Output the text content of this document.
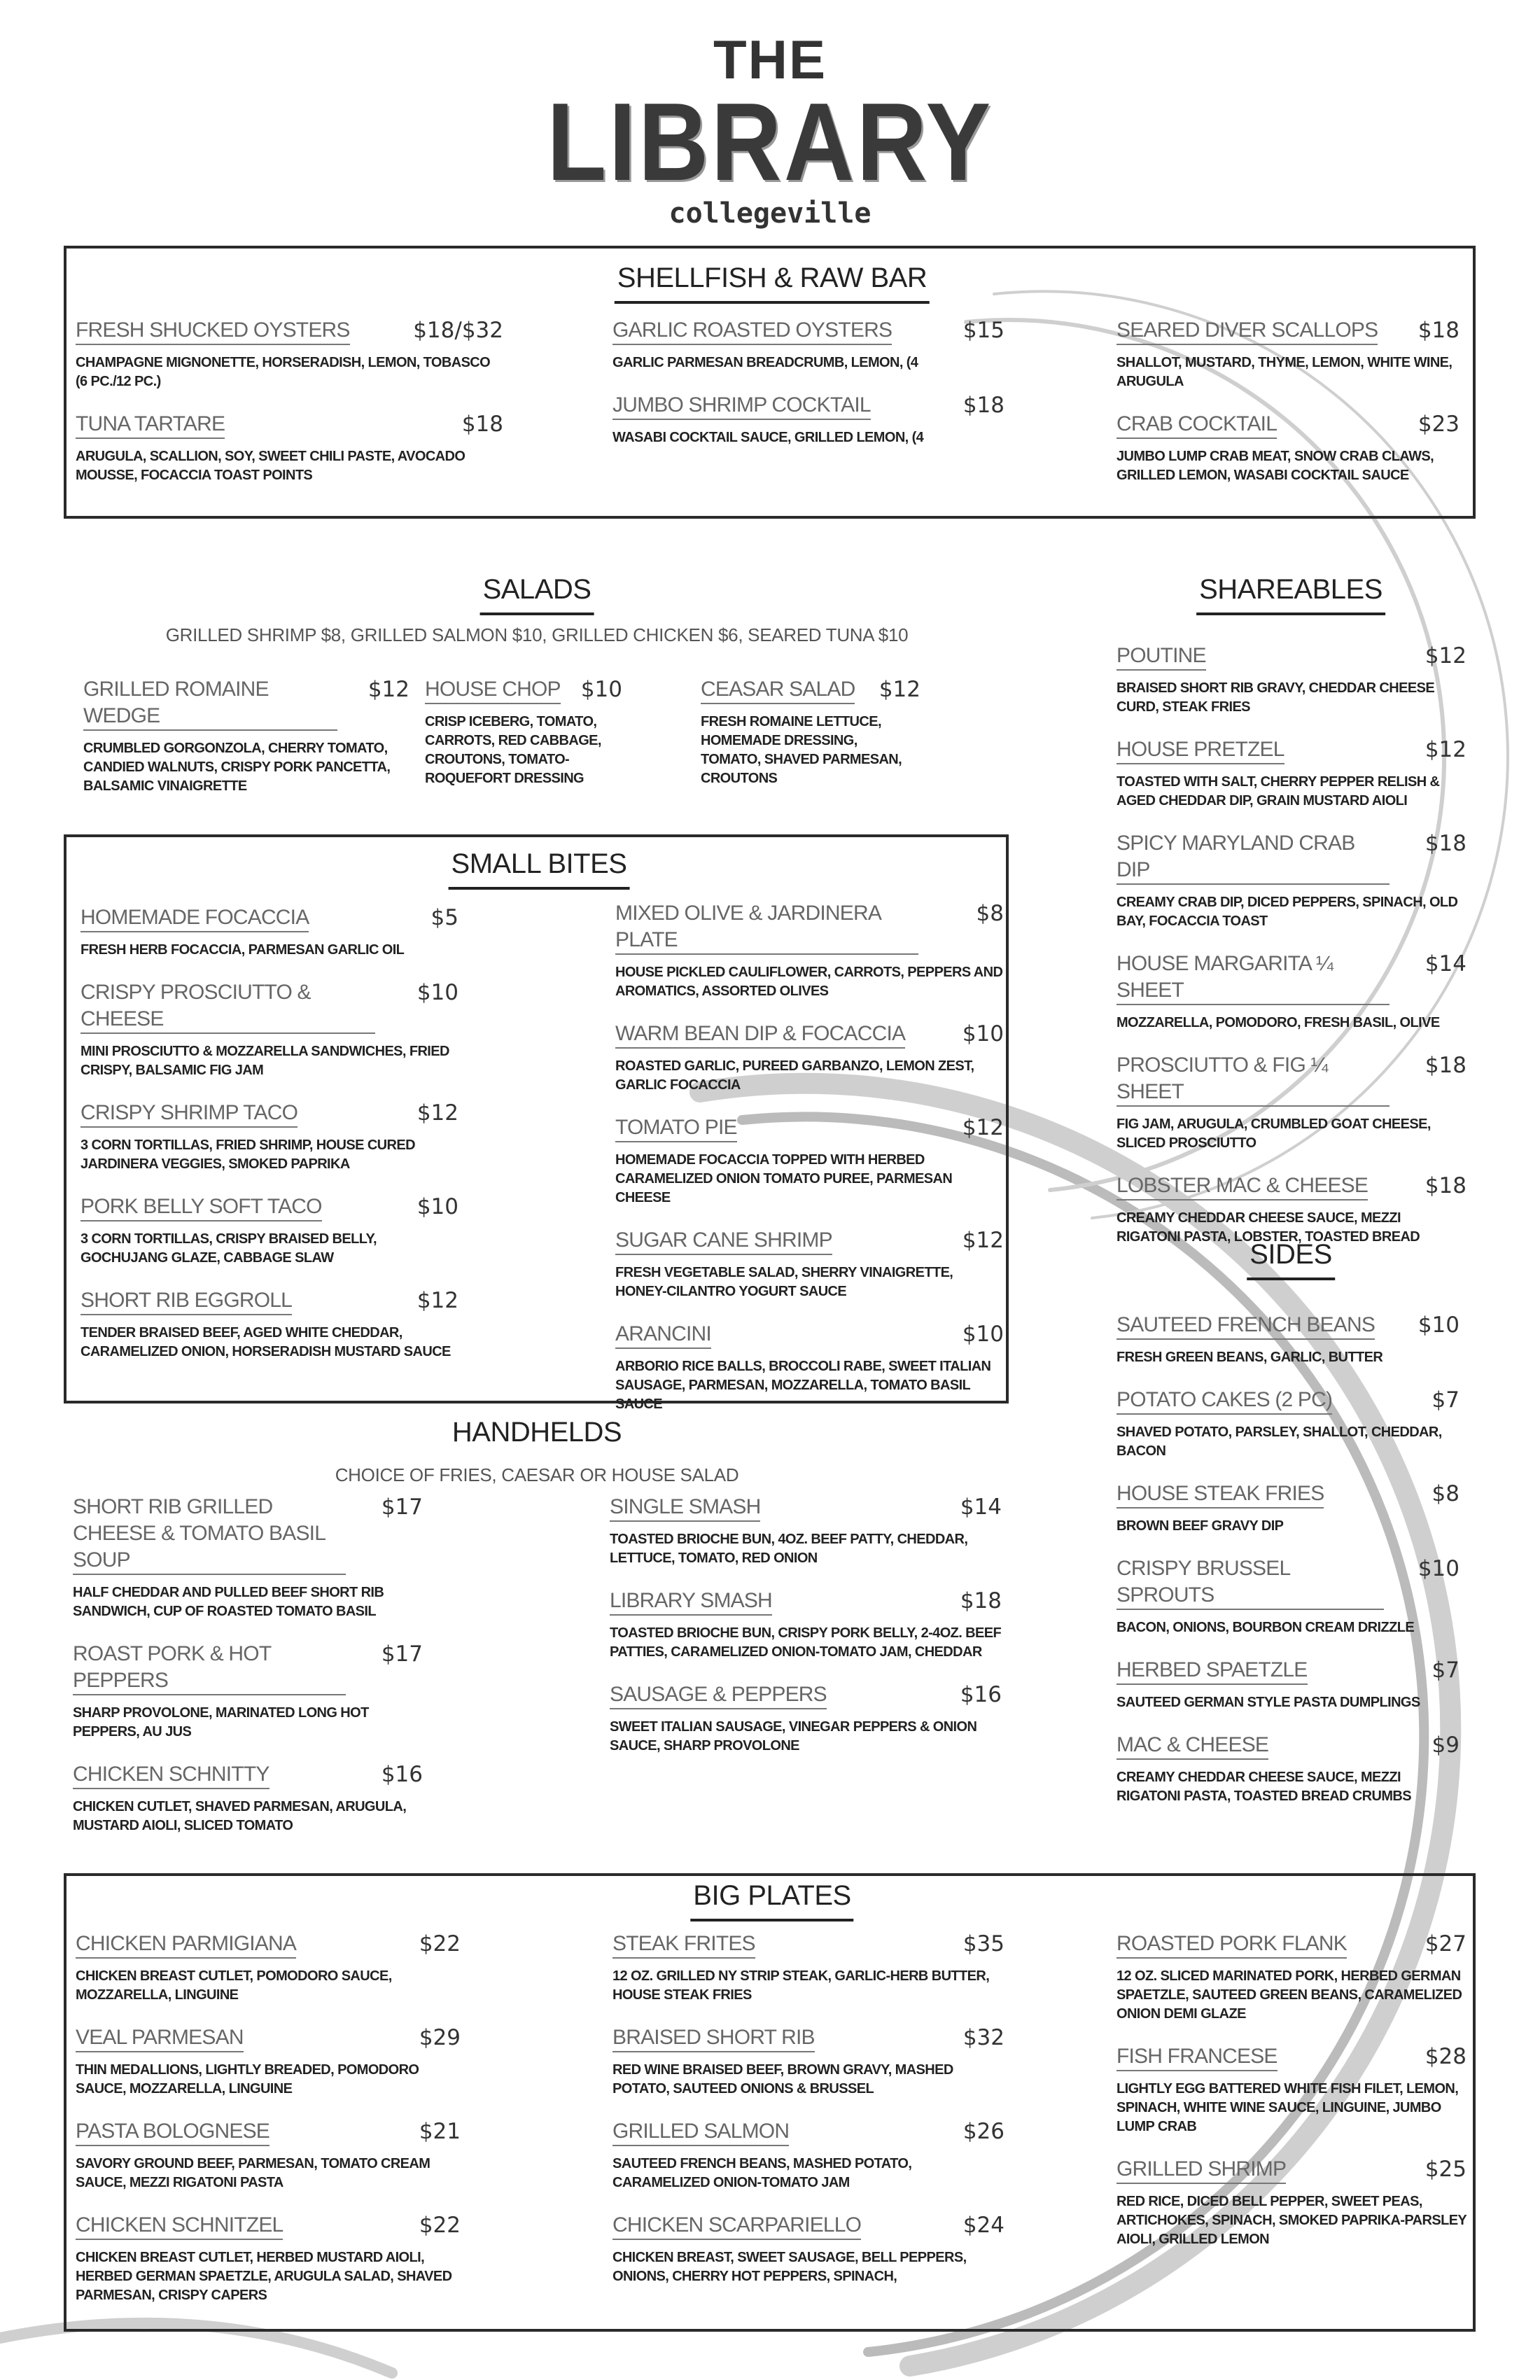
THE
LIBRARY
collegeville
SHELLFISH & RAW BAR
FRESH SHUCKED OYSTERS	$18/$32
CHAMPAGNE MIGNONETTE, HORSERADISH, LEMON, TOBASCO (6 PC./12 PC.)
TUNA TARTARE	$18
ARUGULA, SCALLION, SOY, SWEET CHILI PASTE, AVOCADO MOUSSE, FOCACCIA TOAST POINTS
GARLIC ROASTED OYSTERS	$15
GARLIC PARMESAN BREADCRUMB, LEMON, (4
JUMBO SHRIMP COCKTAIL	$18
WASABI COCKTAIL SAUCE, GRILLED LEMON, (4
SEARED DIVER SCALLOPS $18
SHALLOT, MUSTARD, THYME, LEMON, WHITE WINE, ARUGULA
CRAB COCKTAIL	$23
JUMBO LUMP CRAB MEAT, SNOW CRAB CLAWS, GRILLED LEMON, WASABI COCKTAIL SAUCE
SALADS
GRILLED SHRIMP $8, GRILLED SALMON $10, GRILLED CHICKEN $6, SEARED TUNA $10
GRILLED ROMAINE WEDGE
$12
CRUMBLED GORGONZOLA, CHERRY TOMATO, CANDIED WALNUTS, CRISPY PORK PANCETTA, BALSAMIC VINAIGRETTE
HOUSE CHOP $10
CRISP ICEBERG, TOMATO, CARROTS, RED CABBAGE, CROUTONS, TOMATO-ROQUEFORT DRESSING
CEASAR SALAD $12
FRESH ROMAINE LETTUCE, HOMEMADE DRESSING, TOMATO, SHAVED PARMESAN, CROUTONS
SHAREABLES
POUTINE	$12
BRAISED SHORT RIB GRAVY, CHEDDAR CHEESE CURD, STEAK FRIES
HOUSE PRETZEL	$12
TOASTED WITH SALT, CHERRY PEPPER RELISH & AGED CHEDDAR DIP, GRAIN MUSTARD AIOLI
SPICY MARYLAND CRAB DIP
$18
CREAMY CRAB DIP, DICED PEPPERS, SPINACH, OLD BAY, FOCACCIA TOAST
HOUSE MARGARITA ¼ SHEET
$14
MOZZARELLA, POMODORO, FRESH BASIL, OLIVE
PROSCIUTTO & FIG ¼ SHEET
$18
FIG JAM, ARUGULA, CRUMBLED GOAT CHEESE, SLICED PROSCIUTTO
LOBSTER MAC & CHEESE	$18
CREAMY CHEDDAR CHEESE SAUCE, MEZZI RIGATONI PASTA, LOBSTER, TOASTED BREAD
SIDES
SAUTEED FRENCH BEANS $10
FRESH GREEN BEANS, GARLIC, BUTTER
POTATO CAKES (2 PC)	$7
SHAVED POTATO, PARSLEY, SHALLOT, CHEDDAR, BACON
HOUSE STEAK FRIES	$8
BROWN BEEF GRAVY DIP
CRISPY BRUSSEL SPROUTS
$10
BACON, ONIONS, BOURBON CREAM DRIZZLE
HERBED SPAETZLE	$7
SAUTEED GERMAN STYLE PASTA DUMPLINGS
MAC & CHEESE	$9
CREAMY CHEDDAR CHEESE SAUCE, MEZZI RIGATONI PASTA, TOASTED BREAD CRUMBS
SMALL BITES
HOMEMADE FOCACCIA	$5
FRESH HERB FOCACCIA, PARMESAN GARLIC OIL
CRISPY PROSCIUTTO & CHEESE
$10
MINI PROSCIUTTO & MOZZARELLA SANDWICHES, FRIED CRISPY, BALSAMIC FIG JAM
CRISPY SHRIMP TACO	$12
3 CORN TORTILLAS, FRIED SHRIMP, HOUSE CURED JARDINERA VEGGIES, SMOKED PAPRIKA
PORK BELLY SOFT TACO	$10
3 CORN TORTILLAS, CRISPY BRAISED BELLY, GOCHUJANG GLAZE, CABBAGE SLAW
SHORT RIB EGGROLL	$12
TENDER BRAISED BEEF, AGED WHITE CHEDDAR, CARAMELIZED ONION, HORSERADISH MUSTARD SAUCE
MIXED OLIVE & JARDINERA PLATE
$8
HOUSE PICKLED CAULIFLOWER, CARROTS, PEPPERS AND AROMATICS, ASSORTED OLIVES
WARM BEAN DIP & FOCACCIA	$10
ROASTED GARLIC, PUREED GARBANZO, LEMON ZEST, GARLIC FOCACCIA
TOMATO PIE	$12
HOMEMADE FOCACCIA TOPPED WITH HERBED CARAMELIZED ONION TOMATO PUREE, PARMESAN CHEESE
SUGAR CANE SHRIMP	$12
FRESH VEGETABLE SALAD, SHERRY VINAIGRETTE, HONEY-CILANTRO YOGURT SAUCE
ARANCINI	$10
ARBORIO RICE BALLS, BROCCOLI RABE, SWEET ITALIAN SAUSAGE, PARMESAN, MOZZARELLA, TOMATO BASIL SAUCE
HANDHELDS
CHOICE OF FRIES, CAESAR OR HOUSE SALAD
SHORT RIB GRILLED CHEESE & TOMATO BASIL SOUP
$17
HALF CHEDDAR AND PULLED BEEF SHORT RIB SANDWICH, CUP OF ROASTED TOMATO BASIL
ROAST PORK & HOT PEPPERS
$17
SHARP PROVOLONE, MARINATED LONG HOT PEPPERS, AU JUS
CHICKEN SCHNITTY	$16
CHICKEN CUTLET, SHAVED PARMESAN, ARUGULA, MUSTARD AIOLI, SLICED TOMATO
SINGLE SMASH	$14
TOASTED BRIOCHE BUN, 4OZ. BEEF PATTY, CHEDDAR, LETTUCE, TOMATO, RED ONION
LIBRARY SMASH	$18
TOASTED BRIOCHE BUN, CRISPY PORK BELLY, 2-4OZ. BEEF PATTIES, CARAMELIZED ONION-TOMATO JAM, CHEDDAR
SAUSAGE & PEPPERS	$16
SWEET ITALIAN SAUSAGE, VINEGAR PEPPERS & ONION SAUCE, SHARP PROVOLONE
BIG PLATES
CHICKEN PARMIGIANA	$22
CHICKEN BREAST CUTLET, POMODORO SAUCE, MOZZARELLA, LINGUINE
VEAL PARMESAN	$29
THIN MEDALLIONS, LIGHTLY BREADED, POMODORO SAUCE, MOZZARELLA, LINGUINE
PASTA BOLOGNESE	$21
SAVORY GROUND BEEF, PARMESAN, TOMATO CREAM SAUCE, MEZZI RIGATONI PASTA
CHICKEN SCHNITZEL	$22
CHICKEN BREAST CUTLET, HERBED MUSTARD AIOLI, HERBED GERMAN SPAETZLE, ARUGULA SALAD, SHAVED PARMESAN, CRISPY CAPERS
STEAK FRITES	$35
12 OZ. GRILLED NY STRIP STEAK, GARLIC-HERB BUTTER, HOUSE STEAK FRIES
BRAISED SHORT RIB	$32
RED WINE BRAISED BEEF, BROWN GRAVY, MASHED POTATO, SAUTEED ONIONS & BRUSSEL
GRILLED SALMON	$26
SAUTEED FRENCH BEANS, MASHED POTATO, CARAMELIZED ONION-TOMATO JAM
CHICKEN SCARPARIELLO	$24
CHICKEN BREAST, SWEET SAUSAGE, BELL PEPPERS, ONIONS, CHERRY HOT PEPPERS, SPINACH,
ROASTED PORK FLANK	$27
12 OZ. SLICED MARINATED PORK, HERBED GERMAN SPAETZLE, SAUTEED GREEN BEANS, CARAMELIZED ONION DEMI GLAZE
FISH FRANCESE	$28
LIGHTLY EGG BATTERED WHITE FISH FILET, LEMON, SPINACH, WHITE WINE SAUCE, LINGUINE, JUMBO LUMP CRAB
GRILLED SHRIMP	$25
RED RICE, DICED BELL PEPPER, SWEET PEAS, ARTICHOKES, SPINACH, SMOKED PAPRIKA-PARSLEY AIOLI, GRILLED LEMON
